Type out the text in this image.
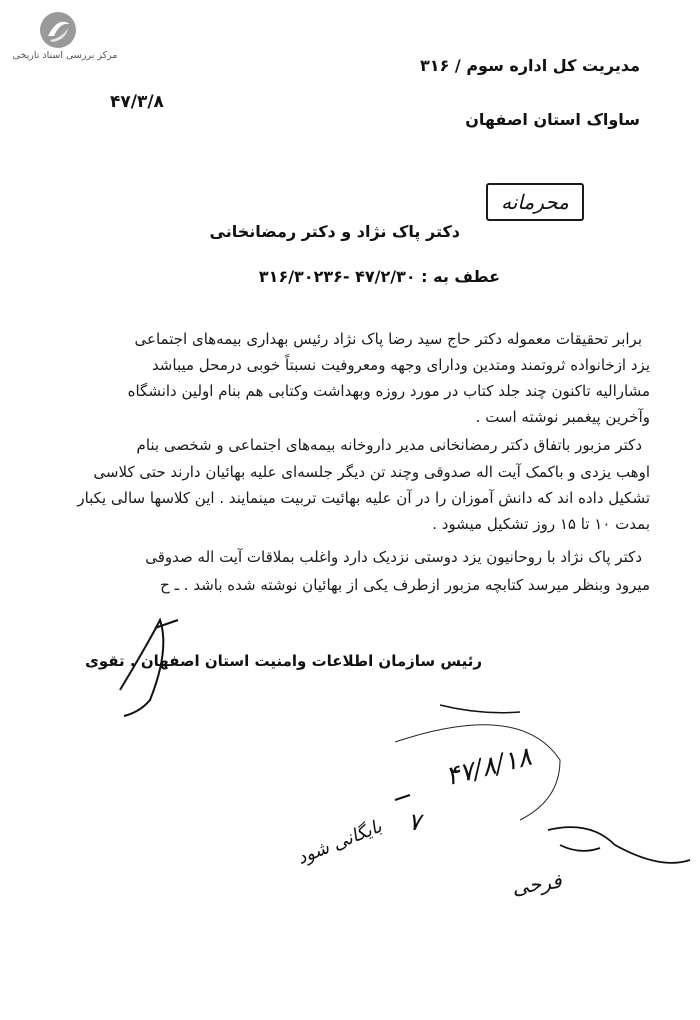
مرکز بررسی اسناد تاریخی
مدیریت کل اداره سوم / ۳۱۶
۴۷/۳/۸
ساواک استان اصفهان
محرمانه
دکتر پاک نژاد و دکتر رمضانخانی
عطف به : ۴۷/۲/۳۰ -۳۱۶/۳۰۲۳۶
برابر تحقیقات معموله دکتر حاج سید رضا پاک نژاد رئیس بهداری بیمه‌های اجتماعی
یزد ازخانواده ثروتمند ومتدین ودارای وجهه ومعروفیت نسبتاً خوبی درمحل میباشد
مشارالیه تاکنون چند جلد کتاب در مورد روزه وبهداشت وکتابی هم بنام اولین دانشگاه
وآخرین پیغمبر نوشته است .
دکتر مزبور باتفاق دکتر رمضانخانی مدیر داروخانه بیمه‌های اجتماعی و شخصی بنام
اوهب یزدی و باکمک آیت اله صدوقی وچند تن دیگر جلسه‌ای علیه بهائیان دارند حتی کلاسی
تشکیل داده اند که دانش آموزان را در آن علیه بهائیت تربیت مینمایند . این کلاسها سالی یکبار
بمدت ۱۰ تا ۱۵ روز تشکیل میشود .
دکتر پاک نژاد با روحانیون یزد دوستی نزدیک دارد واغلب بملاقات آیت اله صدوقی
میرود وبنظر میرسد کتابچه مزبور ازطرف یکی از بهائیان نوشته شده باشد . ـ ح
رئیس سازمان اطلاعات وامنیت استان اصفهان . تقوی
۴۷/۸/۱۸
۷
بایگانی شود
فرحی
